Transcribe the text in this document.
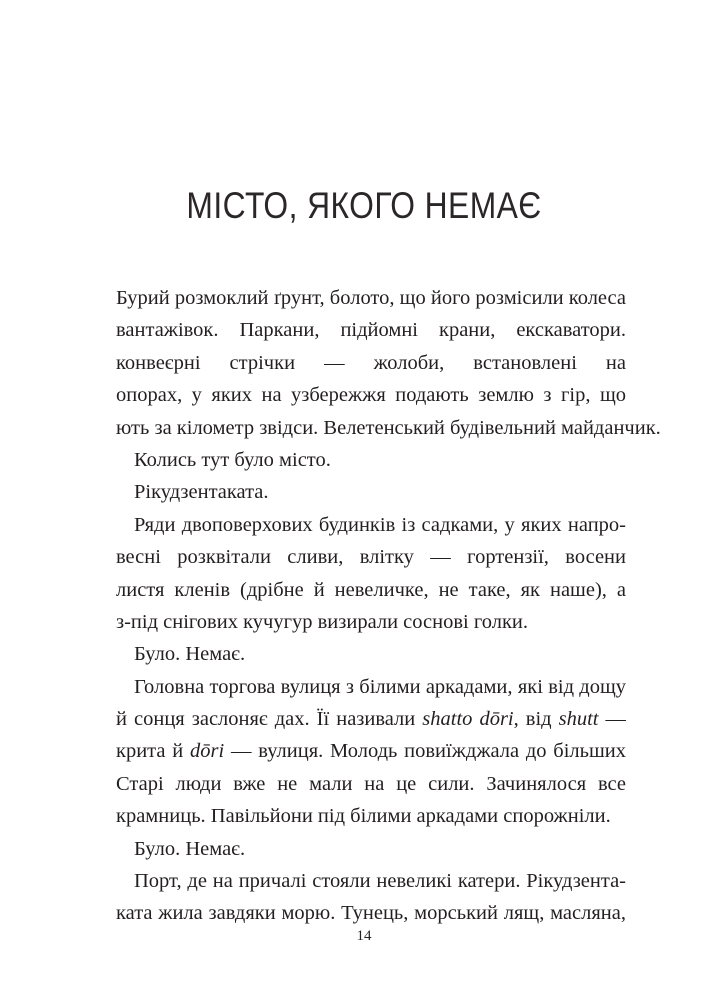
МІСТО, ЯКОГО НЕМАЄ
Бурий розмоклий ґрунт, болото, що його розмісили колеса
вантажівок. Паркани, підйомні крани, екскаватори.
конвеєрні стрічки — жолоби, встановлені на
опорах, у яких на узбережжя подають землю з гір, що
ють за кілометр звідси. Велетенський будівельний майданчик.
Колись тут було місто.
Рікудзентаката.
Ряди двоповерхових будинків із садками, у яких напро-
весні розквітали сливи, влітку — гортензії, восени
листя кленів (дрібне й невеличке, не таке, як наше), а
з-під снігових кучугур визирали соснові голки.
Було. Немає.
Головна торгова вулиця з білими аркадами, які від дощу
й сонця заслоняє дах. Її називали shatto dōri, від shutt —
крита й dōri — вулиця. Молодь повиїжджала до більших
Старі люди вже не мали на це сили. Зачинялося все
крамниць. Павільйони під білими аркадами спорожніли.
Було. Немає.
Порт, де на причалі стояли невеликі катери. Рікудзента-
ката жила завдяки морю. Тунець, морський лящ, масляна,
14
